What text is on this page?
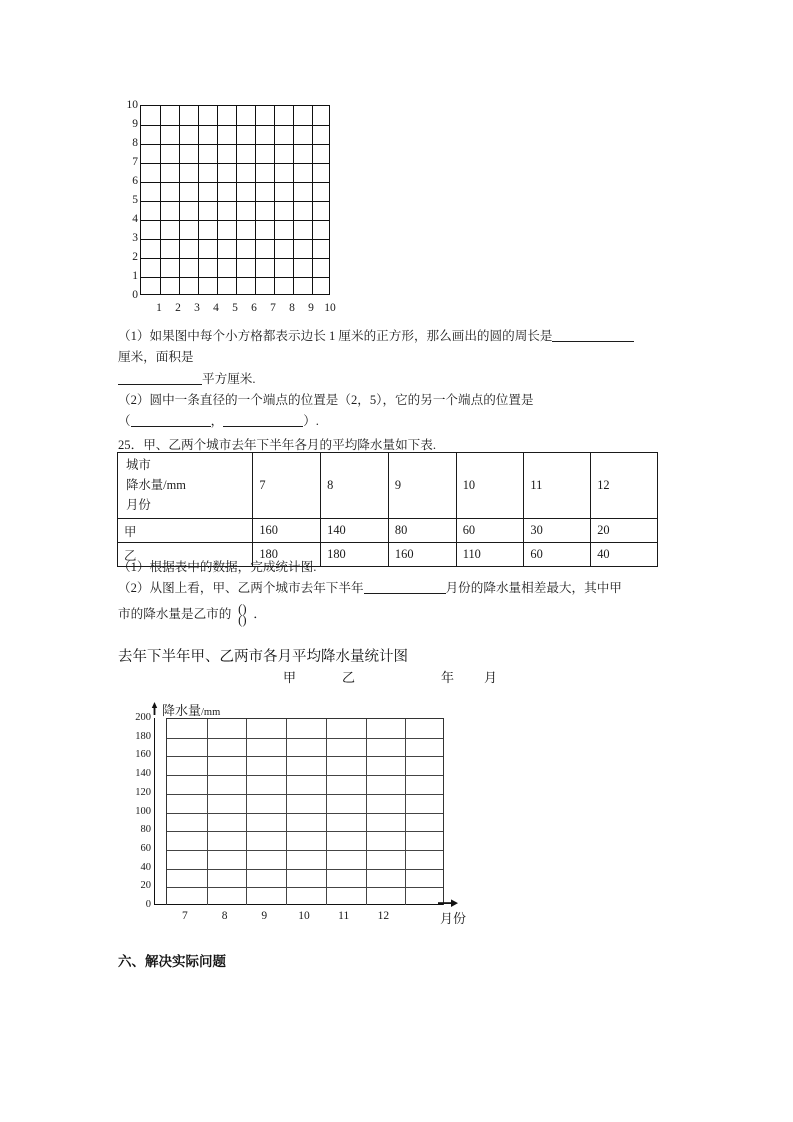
10
9
8
7
6
5
4
3
2
1
0
1	2	3	4	5	6	7	8	9 10
（1）如果图中每个小方格都表示边长 1 厘米的正方形，那么画出的圆的周长是
厘米，面积是
平方厘米.
（2）圆中一条直径的一个端点的位置是（2，5），它的另一个端点的位置是
（	，	）.
25．甲、乙两个城市去年下半年各月的平均降水量如下表.
城市
降水量/mm
月份	7	8	9	10	11	12
甲	160	140	80	60	30	20
乙	180	180	160	110	60	40
（1）根据表中的数据，完成统计图.
（2）从图上看，甲、乙两个城市去年下半年	月份的降水量相差最大，其中甲
市的降水量是乙市的 ()
() ．
去年下半年甲、乙两市各月平均降水量统计图
甲	乙	年 月
降水量/mm
200
180
160
140
120
100
80
60
40
20
0
7	8	9	10	11	12	月份
六、解决实际问题
